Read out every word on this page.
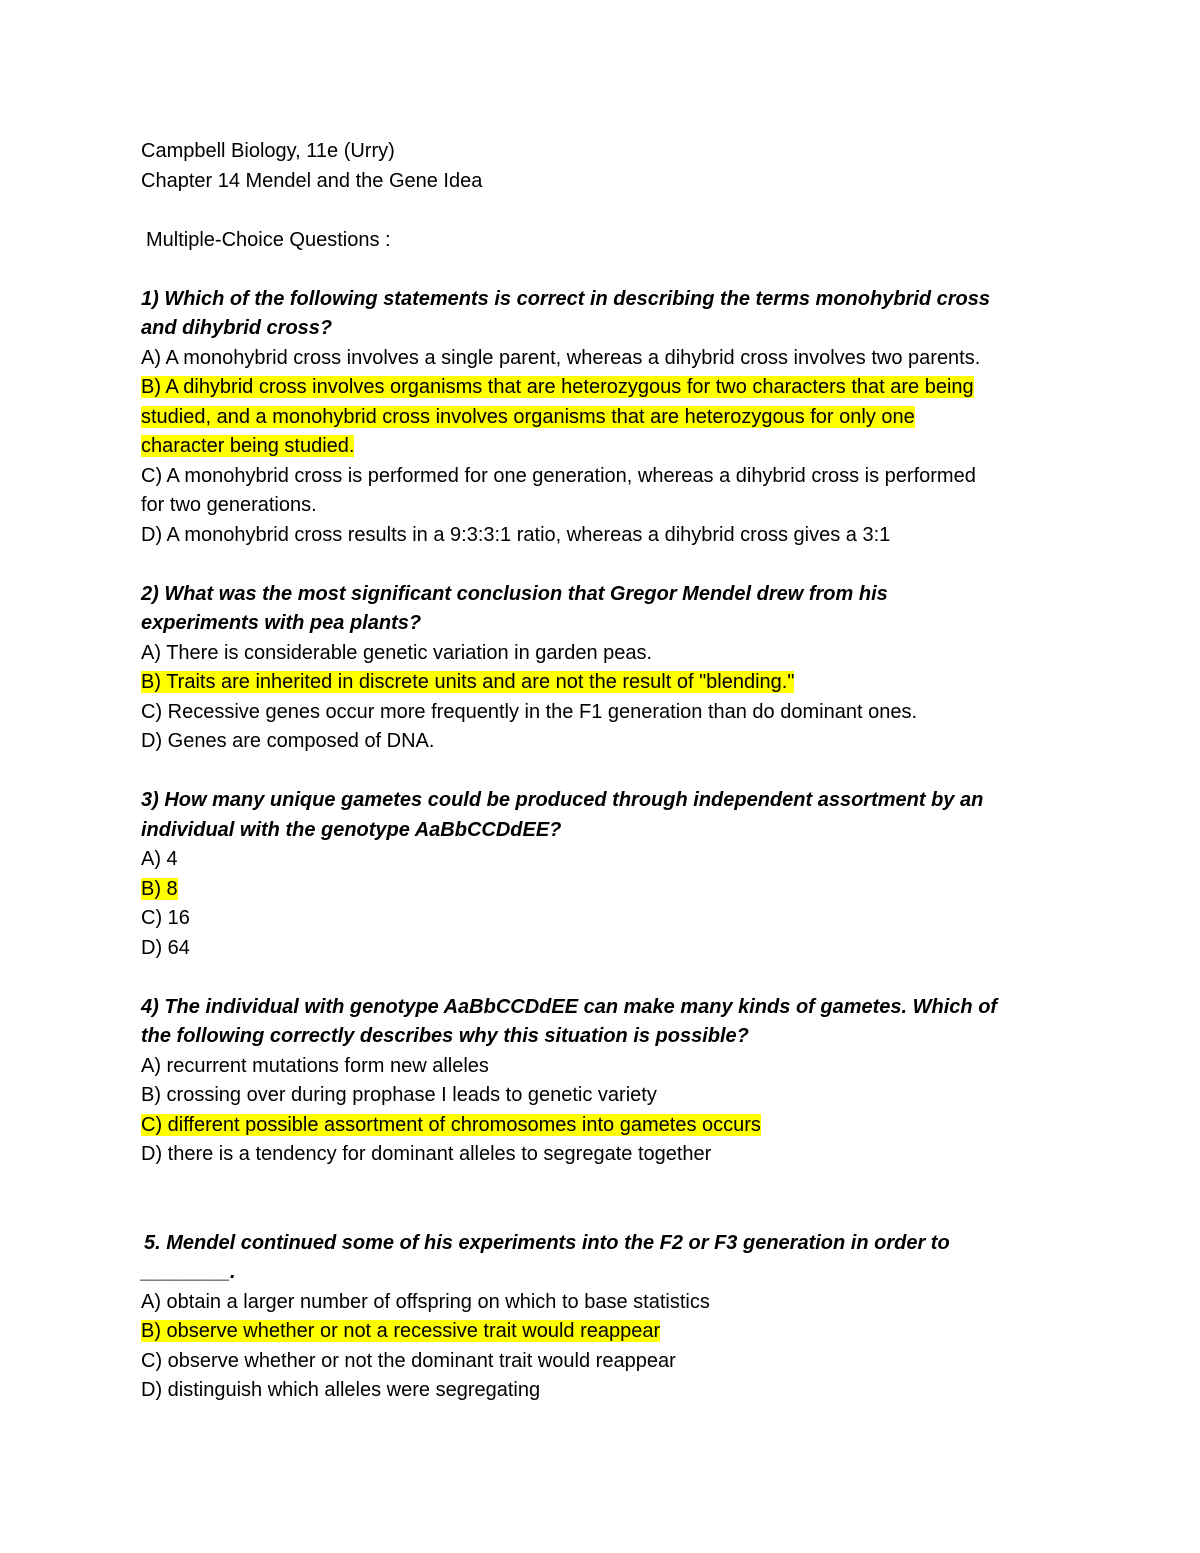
Campbell Biology, 11e (Urry)
Chapter 14 Mendel and the Gene Idea
Multiple-Choice Questions :
1) Which of the following statements is correct in describing the terms monohybrid cross
and dihybrid cross?
A) A monohybrid cross involves a single parent, whereas a dihybrid cross involves two parents.
B) A dihybrid cross involves organisms that are heterozygous for two characters that are being
studied, and a monohybrid cross involves organisms that are heterozygous for only one
character being studied.
C) A monohybrid cross is performed for one generation, whereas a dihybrid cross is performed
for two generations.
D) A monohybrid cross results in a 9:3:3:1 ratio, whereas a dihybrid cross gives a 3:1
2) What was the most significant conclusion that Gregor Mendel drew from his
experiments with pea plants?
A) There is considerable genetic variation in garden peas.
B) Traits are inherited in discrete units and are not the result of "blending."
C) Recessive genes occur more frequently in the F1 generation than do dominant ones.
D) Genes are composed of DNA.
3) How many unique gametes could be produced through independent assortment by an
individual with the genotype AaBbCCDdEE?
A) 4
B) 8
C) 16
D) 64
4) The individual with genotype AaBbCCDdEE can make many kinds of gametes. Which of
the following correctly describes why this situation is possible?
A) recurrent mutations form new alleles
B) crossing over during prophase I leads to genetic variety
C) different possible assortment of chromosomes into gametes occurs
D) there is a tendency for dominant alleles to segregate together
5. Mendel continued some of his experiments into the F2 or F3 generation in order to
________.
A) obtain a larger number of offspring on which to base statistics
B) observe whether or not a recessive trait would reappear
C) observe whether or not the dominant trait would reappear
D) distinguish which alleles were segregating
